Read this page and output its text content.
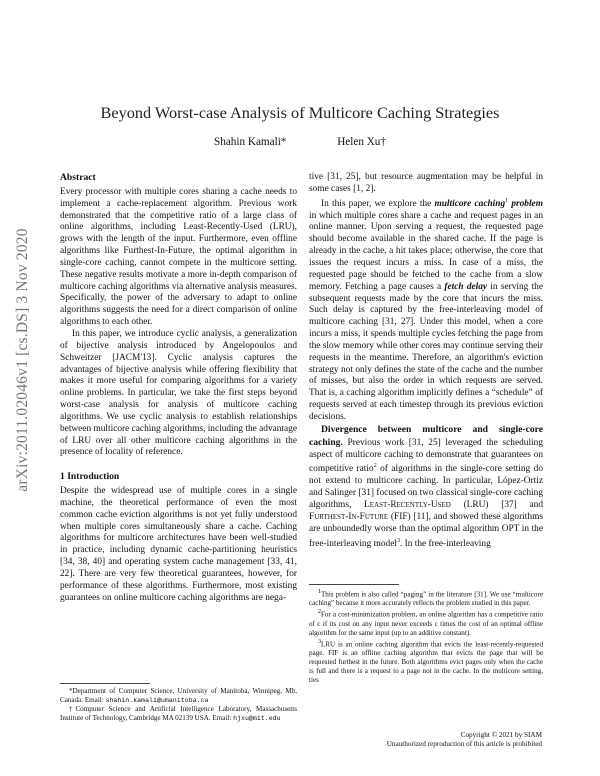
arXiv:2011.02046v1 [cs.DS] 3 Nov 2020
Beyond Worst-case Analysis of Multicore Caching Strategies
Shahin Kamali*	Helen Xu†

Abstract

Every processor with multiple cores sharing a cache needs to implement a cache-replacement algorithm. Previous work demonstrated that the competitive ratio of a large class of online algorithms, including Least-Recently-Used (LRU), grows with the length of the input. Furthermore, even offline algorithms like Furthest-In-Future, the optimal algorithm in single-core caching, cannot compete in the multicore setting. These negative results motivate a more in-depth comparison of multicore caching algorithms via alternative analysis measures. Specifically, the power of the adversary to adapt to online algorithms suggests the need for a direct comparison of online algorithms to each other.

In this paper, we introduce cyclic analysis, a generalization of bijective analysis introduced by Angelopoulos and Schweitzer [JACM'13]. Cyclic analysis captures the advantages of bijective analysis while offering flexibility that makes it more useful for comparing algorithms for a variety online problems. In particular, we take the first steps beyond worst-case analysis for analysis of multicore caching algorithms. We use cyclic analysis to establish relationships between multicore caching algorithms, including the advantage of LRU over all other multicore caching algorithms in the presence of locality of reference.

1 Introduction

Despite the widespread use of multiple cores in a single machine, the theoretical performance of even the most common cache eviction algorithms is not yet fully understood when multiple cores simultaneously share a cache. Caching algorithms for multicore architectures have been well-studied in practice, including dynamic cache-partitioning heuristics [34, 38, 40] and operating system cache management [33, 41, 22]. There are very few theoretical guarantees, however, for performance of these algorithms. Furthermore, most existing guarantees on online multicore caching algorithms are nega-

*Department of Computer Science, University of Manitoba, Winnipeg, Mb, Canada. Email: shahin.kamali@umanitoba.ca

†Computer Science and Artificial Intelligence Laboratory, Massachusetts Institute of Technology, Cambridge MA 02139 USA. Email: hjxu@mit.edu

tive [31, 25], but resource augmentation may be helpful in some cases [1, 2].

In this paper, we explore the multicore caching$^1$ problem in which multiple cores share a cache and request pages in an online manner. Upon serving a request, the requested page should become available in the shared cache. If the page is already in the cache, a hit takes place; otherwise, the core that issues the request incurs a miss. In case of a miss, the requested page should be fetched to the cache from a slow memory. Fetching a page causes a fetch delay in serving the subsequent requests made by the core that incurs the miss. Such delay is captured by the free-interleaving model of multicore caching [31, 27]. Under this model, when a core incurs a miss, it spends multiple cycles fetching the page from the slow memory while other cores may continue serving their requests in the meantime. Therefore, an algorithm's eviction strategy not only defines the state of the cache and the number of misses, but also the order in which requests are served. That is, a caching algorithm implicitly defines a “schedule” of requests served at each timestep through its previous eviction decisions.

Divergence between multicore and single-core caching. Previous work [31, 25] leveraged the scheduling aspect of multicore caching to demonstrate that guarantees on competitive ratio$^2$ of algorithms in the single-core setting do not extend to multicore caching. In particular, López-Ortiz and Salinger [31] focused on two classical single-core caching algorithms, Least-Recently-Used (LRU) [37] and Furthest-In-Future (FIF) [11], and showed these algorithms are unboundedly worse than the optimal algorithm OPT in the free-interleaving model$^3$. In the free-interleaving

$^1$This problem is also called “paging” in the literature [31]. We use “multicore caching” because it more accurately reflects the problem studied in this paper.

$^2$For a cost-minimization problem, an online algorithm has a competitive ratio of c if its cost on any input never exceeds c times the cost of an optimal offline algorithm for the same input (up to an additive constant).

$^3$LRU is an online caching algorithm that evicts the least-recently-requested page. FIF is an offline caching algorithm that evicts the page that will be requested furthest in the future. Both algorithms evict pages only when the cache is full and there is a request to a page not in the cache. In the multicore setting, ties

Copyright © 2021 by SIAM
Unauthorized reproduction of this article is prohibited
